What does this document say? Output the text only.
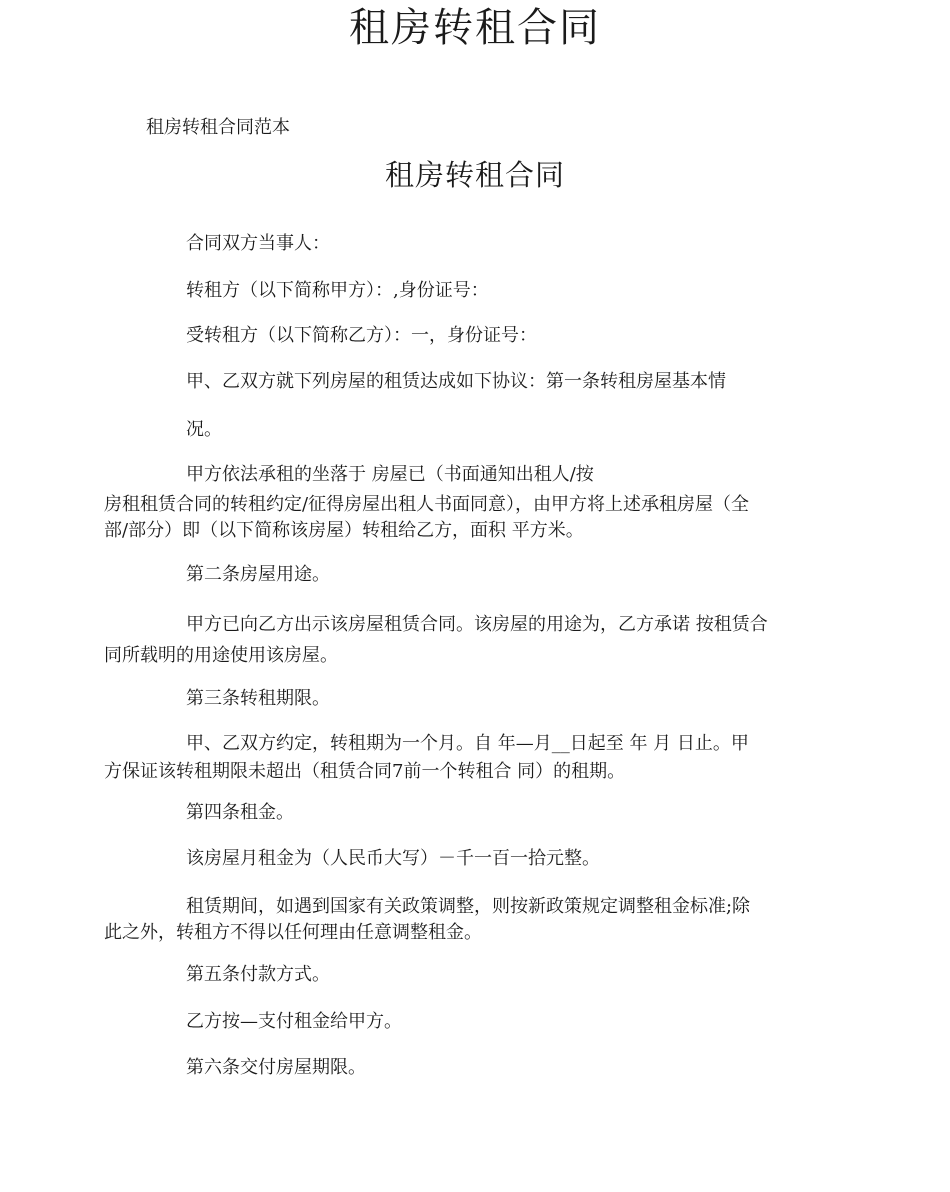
租房转租合同
租房转租合同范本
租房转租合同
合同双方当事人：
转租方（以下简称甲方）：,身份证号：
受转租方（以下简称乙方）：一，身份证号：
甲、乙双方就下列房屋的租赁达成如下协议：第一条转租房屋基本情
况。
甲方依法承租的坐落于 房屋已（书面通知出租人/按
房租租赁合同的转租约定/征得房屋出租人书面同意），由甲方将上述承租房屋（全
部/部分）即（以下简称该房屋）转租给乙方，面积 平方米。
第二条房屋用途。
甲方已向乙方出示该房屋租赁合同。该房屋的用途为，乙方承诺 按租赁合
同所载明的用途使用该房屋。
第三条转租期限。
甲、乙双方约定，转租期为一个月。自 年—月__日起至 年 月 日止。甲
方保证该转租期限未超出（租赁合同7前一个转租合 同）的租期。
第四条租金。
该房屋月租金为（人民币大写）－千一百一拾元整。
租赁期间，如遇到国家有关政策调整，则按新政策规定调整租金标准;除
此之外，转租方不得以任何理由任意调整租金。
第五条付款方式。
乙方按—支付租金给甲方。
第六条交付房屋期限。
